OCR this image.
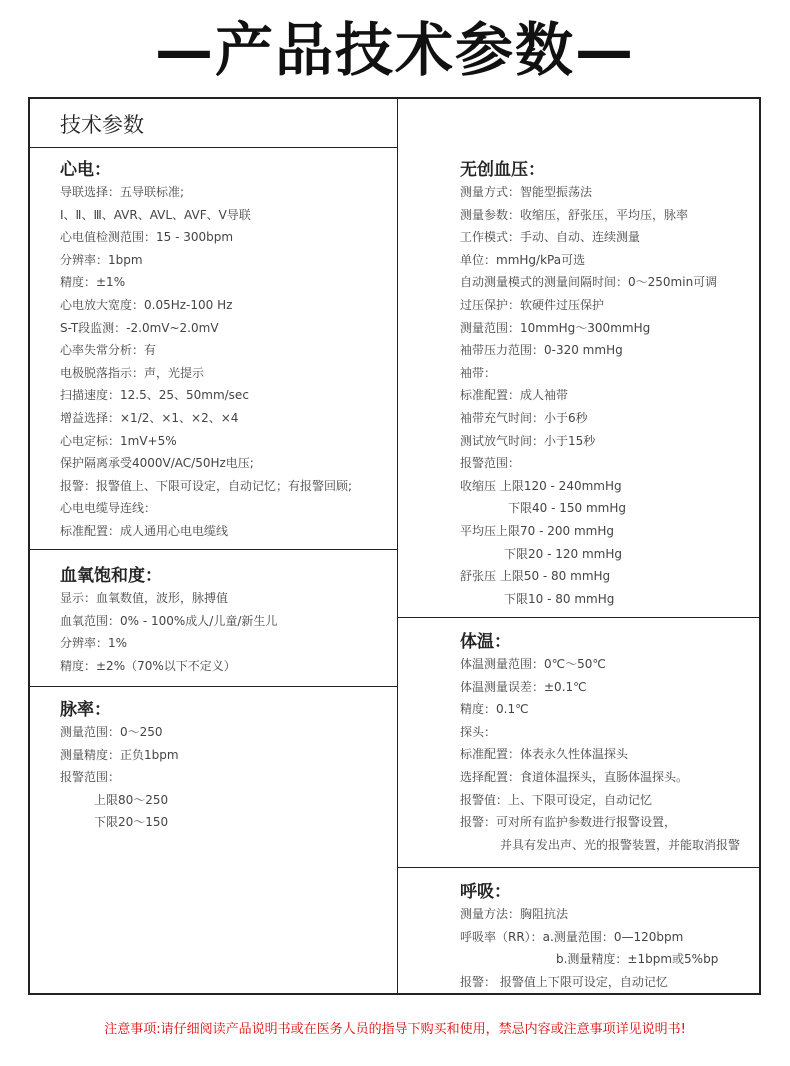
—产品技术参数—
技术参数
心电：
导联选择：五导联标准;
Ⅰ、Ⅱ、Ⅲ、AVR、AVL、AVF、V导联
心电值检测范围：15 - 300bpm
分辨率：1bpm
精度：±1%
心电放大宽度：0.05Hz-100 Hz
S-T段监测：-2.0mV~2.0mV
心率失常分析：有
电极脱落指示：声，光提示
扫描速度：12.5、25、50mm/sec
增益选择：×1/2、×1、×2、×4
心电定标：1mV+5%
保护隔离承受4000V/AC/50Hz电压;
报警：报警值上、下限可设定，自动记忆；有报警回顾;
心电电缆导连线：
标准配置：成人通用心电电缆线
血氧饱和度：
显示：血氧数值，波形，脉搏值
血氧范围：0% - 100%成人/儿童/新生儿
分辨率：1%
精度：±2%（70%以下不定义）
脉率：
测量范围：0～250
测量精度：正负1bpm
报警范围：
上限80～250
下限20～150
无创血压：
测量方式：智能型振荡法
测量参数：收缩压，舒张压，平均压，脉率
工作模式：手动、自动、连续测量
单位：mmHg/kPa可选
自动测量模式的测量间隔时间：0～250min可调
过压保护：软硬件过压保护
测量范围：10mmHg～300mmHg
袖带压力范围：0-320 mmHg
袖带：
标准配置：成人袖带
袖带充气时间：小于6秒
测试放气时间：小于15秒
报警范围：
收缩压 上限120 - 240mmHg
下限40 - 150 mmHg
平均压上限70 - 200 mmHg
下限20 - 120 mmHg
舒张压 上限50 - 80 mmHg
下限10 - 80 mmHg
体温：
体温测量范围：0℃～50℃
体温测量误差：±0.1℃
精度：0.1℃
探头：
标准配置：体表永久性体温探头
选择配置：食道体温探头，直肠体温探头。
报警值：上、下限可设定，自动记忆
报警：可对所有监护参数进行报警设置，
并具有发出声、光的报警装置，并能取消报警
呼吸：
测量方法：胸阻抗法
呼吸率（RR）：a.测量范围：0—120bpm
b.测量精度：±1bpm或5%bp
报警： 报警值上下限可设定，自动记忆
注意事项:请仔细阅读产品说明书或在医务人员的指导下购买和使用，禁忌内容或注意事项详见说明书!
